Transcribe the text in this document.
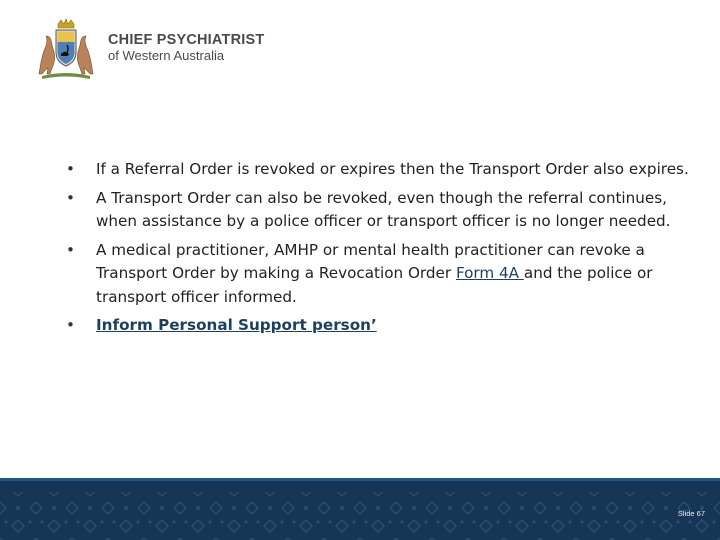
CHIEF PSYCHIATRIST
of Western Australia
•	If a Referral Order is revoked or expires then the Transport Order also expires.
•	A Transport Order can also be revoked, even though the referral continues, when assistance by a police officer or transport officer is no longer needed.
•	A medical practitioner, AMHP or mental health practitioner can revoke a Transport Order by making a Revocation Order Form 4A and the police or transport officer informed.
•	Inform Personal Support person’
Slide 67
